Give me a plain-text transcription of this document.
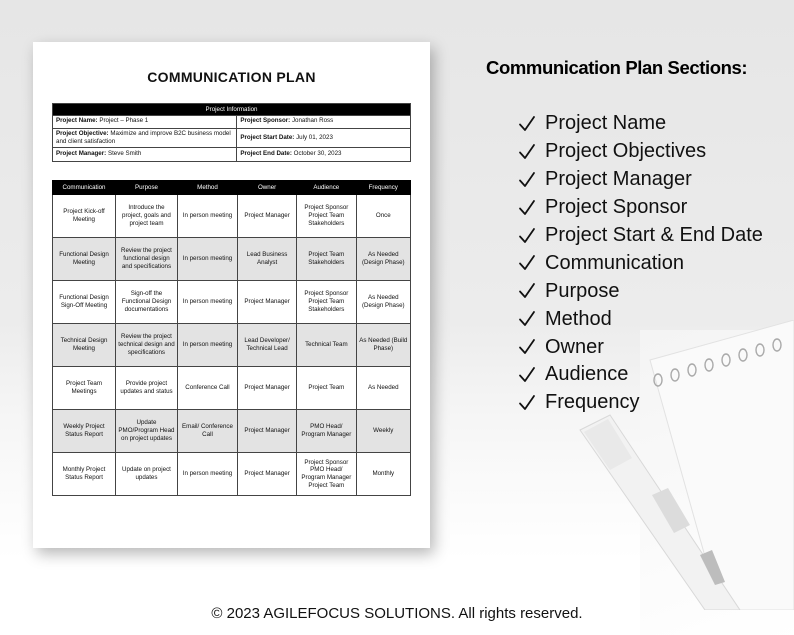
COMMUNICATION PLAN
Project Information	
Project Name: Project – Phase 1	Project Sponsor: Jonathan Ross
Project Objective: Maximize and improve B2C business model and client satisfaction	Project Start Date: July 01, 2023
Project Manager: Steve Smith	Project End Date: October 30, 2023
Communication	Purpose	Method	Owner	Audience	Frequency
Project Kick-off Meeting	Introduce the project, goals and project team	In person meeting	Project Manager	Project Sponsor Project Team Stakeholders	Once
Functional Design Meeting	Review the project functional design and specifications	In person meeting	Lead Business Analyst	Project Team Stakeholders	As Needed (Design Phase)
Functional Design Sign-Off Meeting	Sign-off the Functional Design documentations	In person meeting	Project Manager	Project Sponsor Project Team Stakeholders	As Needed (Design Phase)
Technical Design Meeting	Review the project technical design and specifications	In person meeting	Lead Developer/ Technical Lead	Technical Team	As Needed (Build Phase)
Project Team Meetings	Provide project updates and status	Conference Call	Project Manager	Project Team	As Needed
Weekly Project Status Report	Update PMO/Program Head on project updates	Email/ Conference Call	Project Manager	PMO Head/ Program Manager	Weekly
Monthly Project Status Report	Update on project updates	In person meeting	Project Manager	Project Sponsor PMO Head/ Program Manager Project Team	Monthly
Communication Plan Sections:
Project Name
Project Objectives
Project Manager
Project Sponsor
Project Start & End Date
Communication
Purpose
Method
Owner
Audience
Frequency
© 2023 AGILEFOCUS SOLUTIONS. All rights reserved.
